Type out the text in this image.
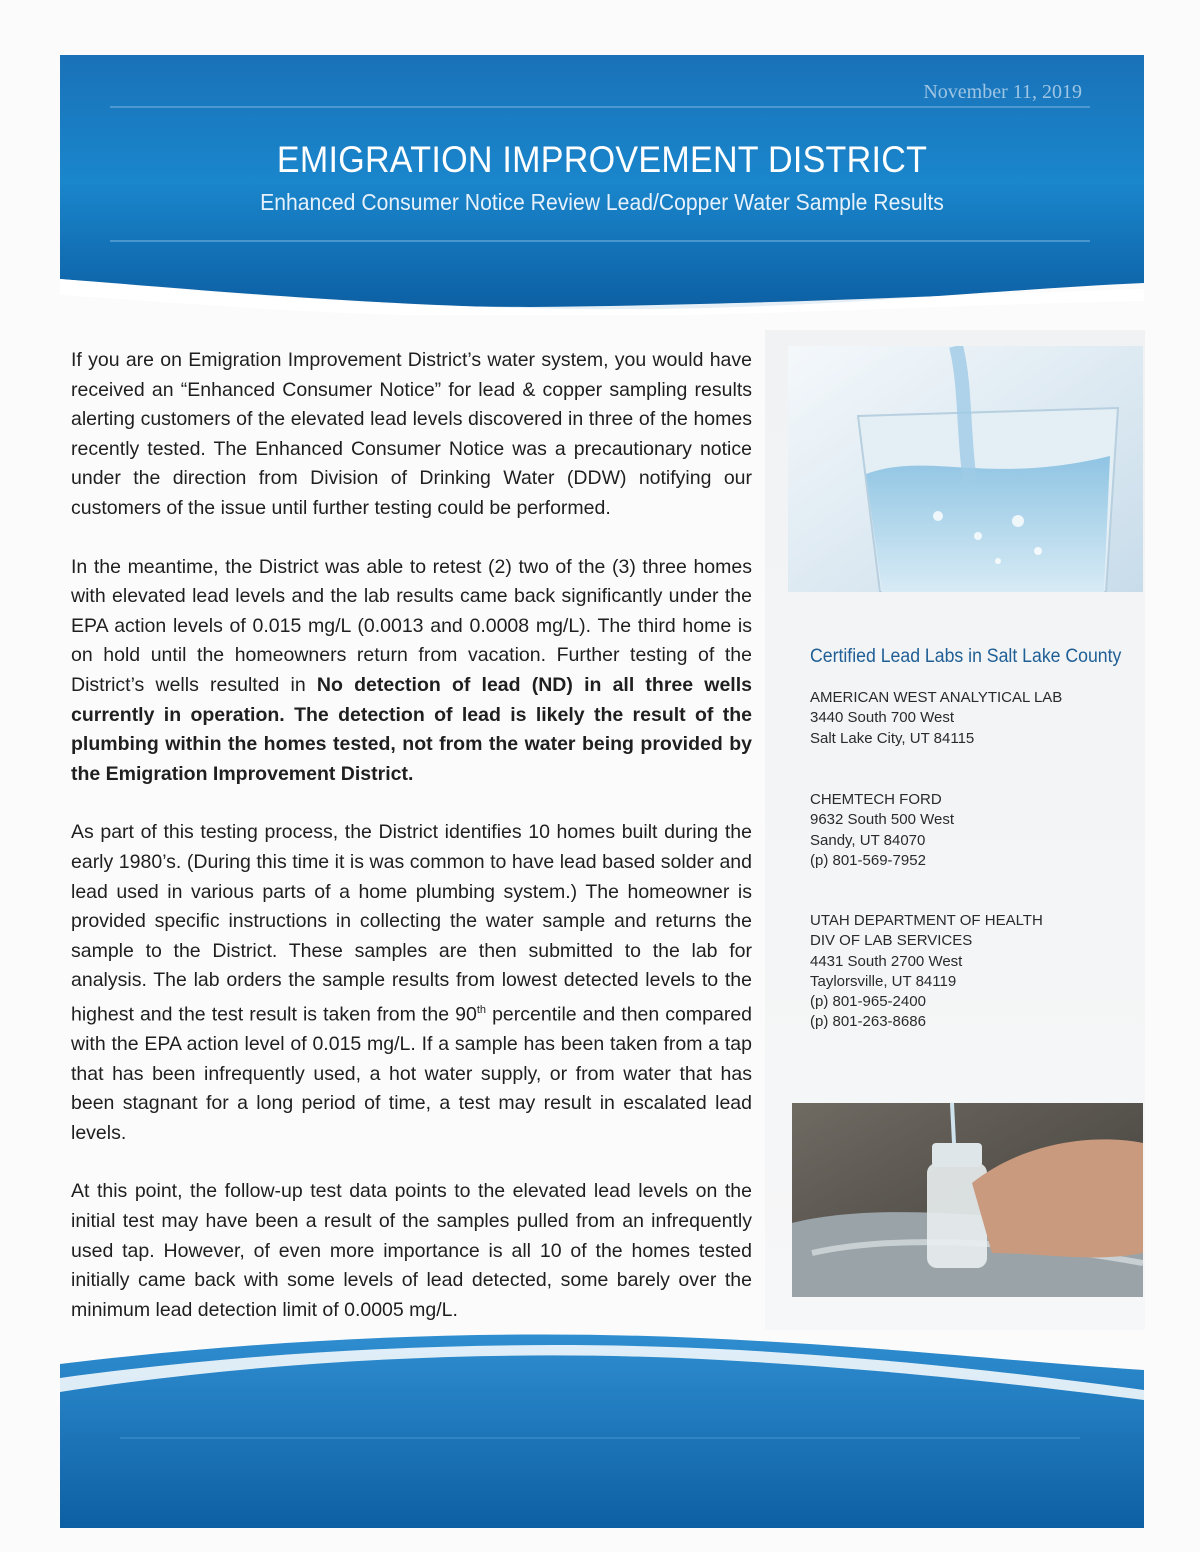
November 11, 2019
EMIGRATION IMPROVEMENT DISTRICT
Enhanced Consumer Notice Review Lead/Copper Water Sample Results

If you are on Emigration Improvement District’s water system, you would have received an “Enhanced Consumer Notice” for lead & copper sampling results alerting customers of the elevated lead levels discovered in three of the homes recently tested. The Enhanced Consumer Notice was a precautionary notice under the direction from Division of Drinking Water (DDW) notifying our customers of the issue until further testing could be performed.

In the meantime, the District was able to retest (2) two of the (3) three homes with elevated lead levels and the lab results came back significantly under the EPA action levels of 0.015 mg/L (0.0013 and 0.0008 mg/L). The third home is on hold until the homeowners return from vacation. Further testing of the District’s wells resulted in No detection of lead (ND) in all three wells currently in operation. The detection of lead is likely the result of the plumbing within the homes tested, not from the water being provided by the Emigration Improvement District.

As part of this testing process, the District identifies 10 homes built during the early 1980’s. (During this time it is was common to have lead based solder and lead used in various parts of a home plumbing system.) The homeowner is provided specific instructions in collecting the water sample and returns the sample to the District. These samples are then submitted to the lab for analysis. The lab orders the sample results from lowest detected levels to the highest and the test result is taken from the 90th percentile and then compared with the EPA action level of 0.015 mg/L. If a sample has been taken from a tap that has been infrequently used, a hot water supply, or from water that has been stagnant for a long period of time, a test may result in escalated lead levels.

At this point, the follow-up test data points to the elevated lead levels on the initial test may have been a result of the samples pulled from an infrequently used tap. However, of even more importance is all 10 of the homes tested initially came back with some levels of lead detected, some barely over the minimum lead detection limit of 0.0005 mg/L.

Certified Lead Labs in Salt Lake County
AMERICAN WEST ANALYTICAL LAB
3440 South 700 West
Salt Lake City, UT 84115
CHEMTECH FORD
9632 South 500 West
Sandy, UT 84070
(p) 801-569-7952
UTAH DEPARTMENT OF HEALTH
DIV OF LAB SERVICES
4431 South 2700 West
Taylorsville, UT 84119
(p) 801-965-2400
(p) 801-263-8686
